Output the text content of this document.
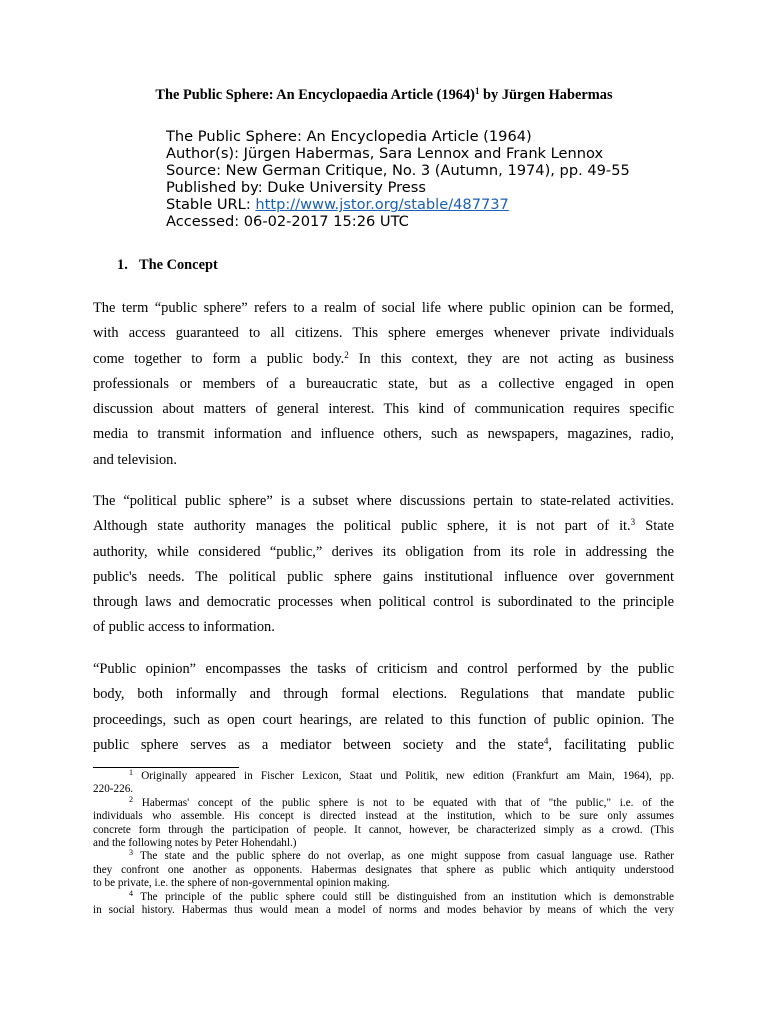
The Public Sphere: An Encyclopaedia Article $(1964)^1$ by Jürgen Habermas
The Public Sphere: An Encyclopedia Article (1964)
Author(s): Jürgen Habermas, Sara Lennox and Frank Lennox
Source: New German Critique, No. 3 (Autumn, 1974), pp. 49-55
Published by: Duke University Press
Stable URL: http://www.jstor.org/stable/487737
Accessed: 06-02-2017 15:26 UTC
1. The Concept
The term “public sphere” refers to a realm of social life where public opinion can be formed,
with access guaranteed to all citizens. This sphere emerges whenever private individuals
come together to form a public body.$^2$ In this context, they are not acting as business
professionals or members of a bureaucratic state, but as a collective engaged in open
discussion about matters of general interest. This kind of communication requires specific
media to transmit information and influence others, such as newspapers, magazines, radio,
and television.
The “political public sphere” is a subset where discussions pertain to state-related activities.
Although state authority manages the political public sphere, it is not part of it.$^3$ State
authority, while considered “public,” derives its obligation from its role in addressing the
public's needs. The political public sphere gains institutional influence over government
through laws and democratic processes when political control is subordinated to the principle
of public access to information.
“Public opinion” encompasses the tasks of criticism and control performed by the public
body, both informally and through formal elections. Regulations that mandate public
proceedings, such as open court hearings, are related to this function of public opinion. The
public sphere serves as a mediator between society and the state$^4$, facilitating public

$^1$ Originally appeared in Fischer Lexicon, Staat und Politik, new edition (Frankfurt am Main, 1964), pp.
220-226.

$^2$ Habermas' concept of the public sphere is not to be equated with that of "the public," i.e. of the
individuals who assemble. His concept is directed instead at the institution, which to be sure only assumes
concrete form through the participation of people. It cannot, however, be characterized simply as a crowd. (This
and the following notes by Peter Hohendahl.)

$^3$ The state and the public sphere do not overlap, as one might suppose from casual language use. Rather
they confront one another as opponents. Habermas designates that sphere as public which antiquity understood
to be private, i.e. the sphere of non-governmental opinion making.

$^4$ The principle of the public sphere could still be distinguished from an institution which is demonstrable
in social history. Habermas thus would mean a model of norms and modes behavior by means of which the very
